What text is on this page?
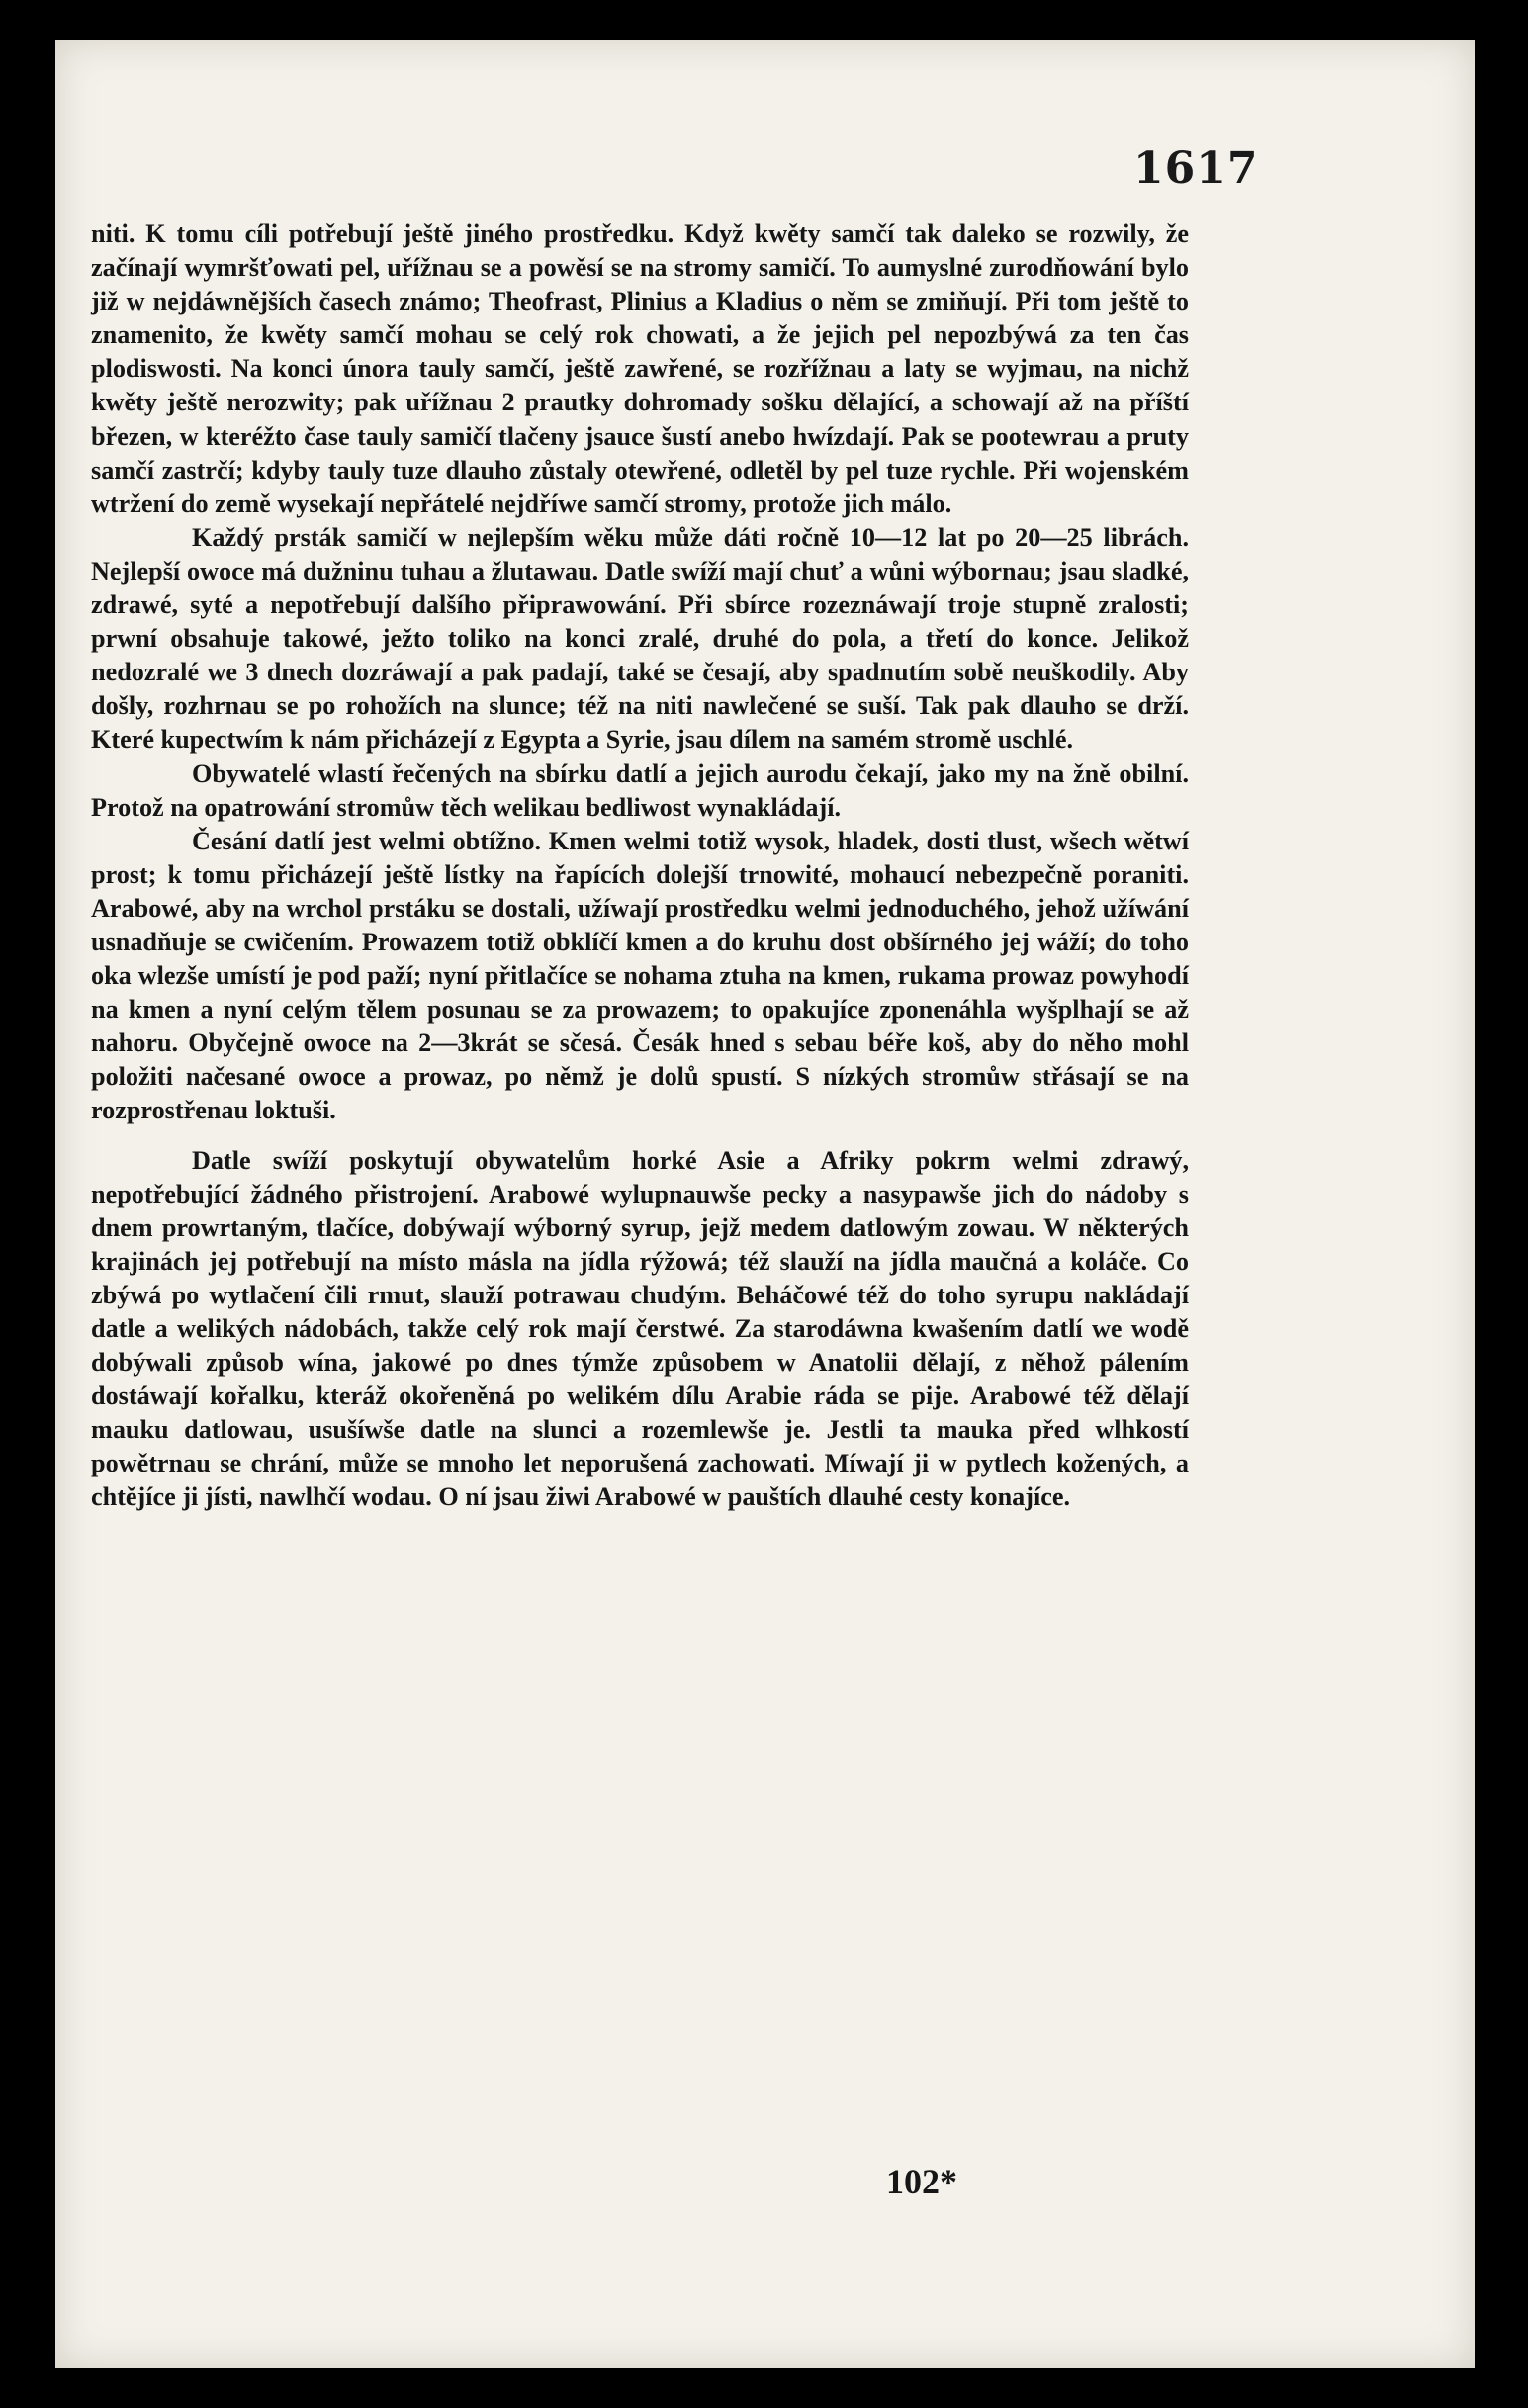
1617

niti. K tomu cíli potřebují ještě jiného prostředku. Když kwěty samčí tak daleko se rozwily, že začínají wymršťowati pel, uřížnau se a powěsí se na stromy samičí. To aumyslné zurodňowání bylo již w nejdáwnějších časech známo; Theofrast, Plinius a Kladius o něm se zmiňují. Při tom ještě to znamenito, že kwěty samčí mohau se celý rok chowati, a že jejich pel nepozbýwá za ten čas plodiswosti. Na konci února tauly samčí, ještě zawřené, se rozřížnau a laty se wyjmau, na nichž kwěty ještě nerozwity; pak uřížnau 2 prautky dohromady sošku dělající, a schowají až na příští březen, w kteréžto čase tauly samičí tlačeny jsauce šustí anebo hwízdají. Pak se pootewrau a pruty samčí zastrčí; kdyby tauly tuze dlauho zůstaly otewřené, odletěl by pel tuze rychle. Při wojenském wtržení do země wysekají nepřátelé nejdříwe samčí stromy, protože jich málo.

Každý prsták samičí w nejlepším wěku může dáti ročně 10—12 lat po 20—25 librách. Nejlepší owoce má dužninu tuhau a žlutawau. Datle swíží mají chuť a wůni wýbornau; jsau sladké, zdrawé, syté a nepotřebují dalšího připrawowání. Při sbírce rozeznáwají troje stupně zralosti; prwní obsahuje takowé, ježto toliko na konci zralé, druhé do pola, a třetí do konce. Jelikož nedozralé we 3 dnech dozráwají a pak padají, také se česají, aby spadnutím sobě neuškodily. Aby došly, rozhrnau se po rohožích na slunce; též na niti nawlečené se suší. Tak pak dlauho se drží. Které kupectwím k nám přicházejí z Egypta a Syrie, jsau dílem na samém stromě uschlé.

Obywatelé wlastí řečených na sbírku datlí a jejich aurodu čekají, jako my na žně obilní. Protož na opatrowání stromůw těch welikau bedliwost wynakládají.

Česání datlí jest welmi obtížno. Kmen welmi totiž wysok, hladek, dosti tlust, wšech wětwí prost; k tomu přicházejí ještě lístky na řapících dolejší trnowité, mohaucí nebezpečně poraniti. Arabowé, aby na wrchol prstáku se dostali, užíwají prostředku welmi jednoduchého, jehož užíwání usnadňuje se cwičením. Prowazem totiž obklíčí kmen a do kruhu dost obšírného jej wáží; do toho oka wlezše umístí je pod paží; nyní přitlačíce se nohama ztuha na kmen, rukama prowaz powyhodí na kmen a nyní celým tělem posunau se za prowazem; to opakujíce zponenáhla wyšplhají se až nahoru. Obyčejně owoce na 2—3krát se sčesá. Česák hned s sebau béře koš, aby do něho mohl položiti načesané owoce a prowaz, po němž je dolů spustí. S nízkých stromůw střásají se na rozprostřenau loktuši.

Datle swíží poskytují obywatelům horké Asie a Afriky pokrm welmi zdrawý, nepotřebující žádného přistrojení. Arabowé wylupnauwše pecky a nasypawše jich do nádoby s dnem prowrtaným, tlačíce, dobýwají wýborný syrup, jejž medem datlowým zowau. W některých krajinách jej potřebují na místo másla na jídla rýžowá; též slauží na jídla maučná a koláče. Co zbýwá po wytlačení čili rmut, slauží potrawau chudým. Beháčowé též do toho syrupu nakládají datle a welikých nádobách, takže celý rok mají čerstwé. Za starodáwna kwašením datlí we wodě dobýwali způsob wína, jakowé po dnes týmže způsobem w Anatolii dělají, z něhož pálením dostáwají kořalku, kteráž okořeněná po welikém dílu Arabie ráda se pije. Arabowé též dělají mauku datlowau, usušíwše datle na slunci a rozemlewše je. Jestli ta mauka před wlhkostí powětrnau se chrání, může se mnoho let neporušená zachowati. Míwají ji w pytlech kožených, a chtějíce ji jísti, nawlhčí wodau. O ní jsau žiwi Arabowé w pauštích dlauhé cesty konajíce.

102*
